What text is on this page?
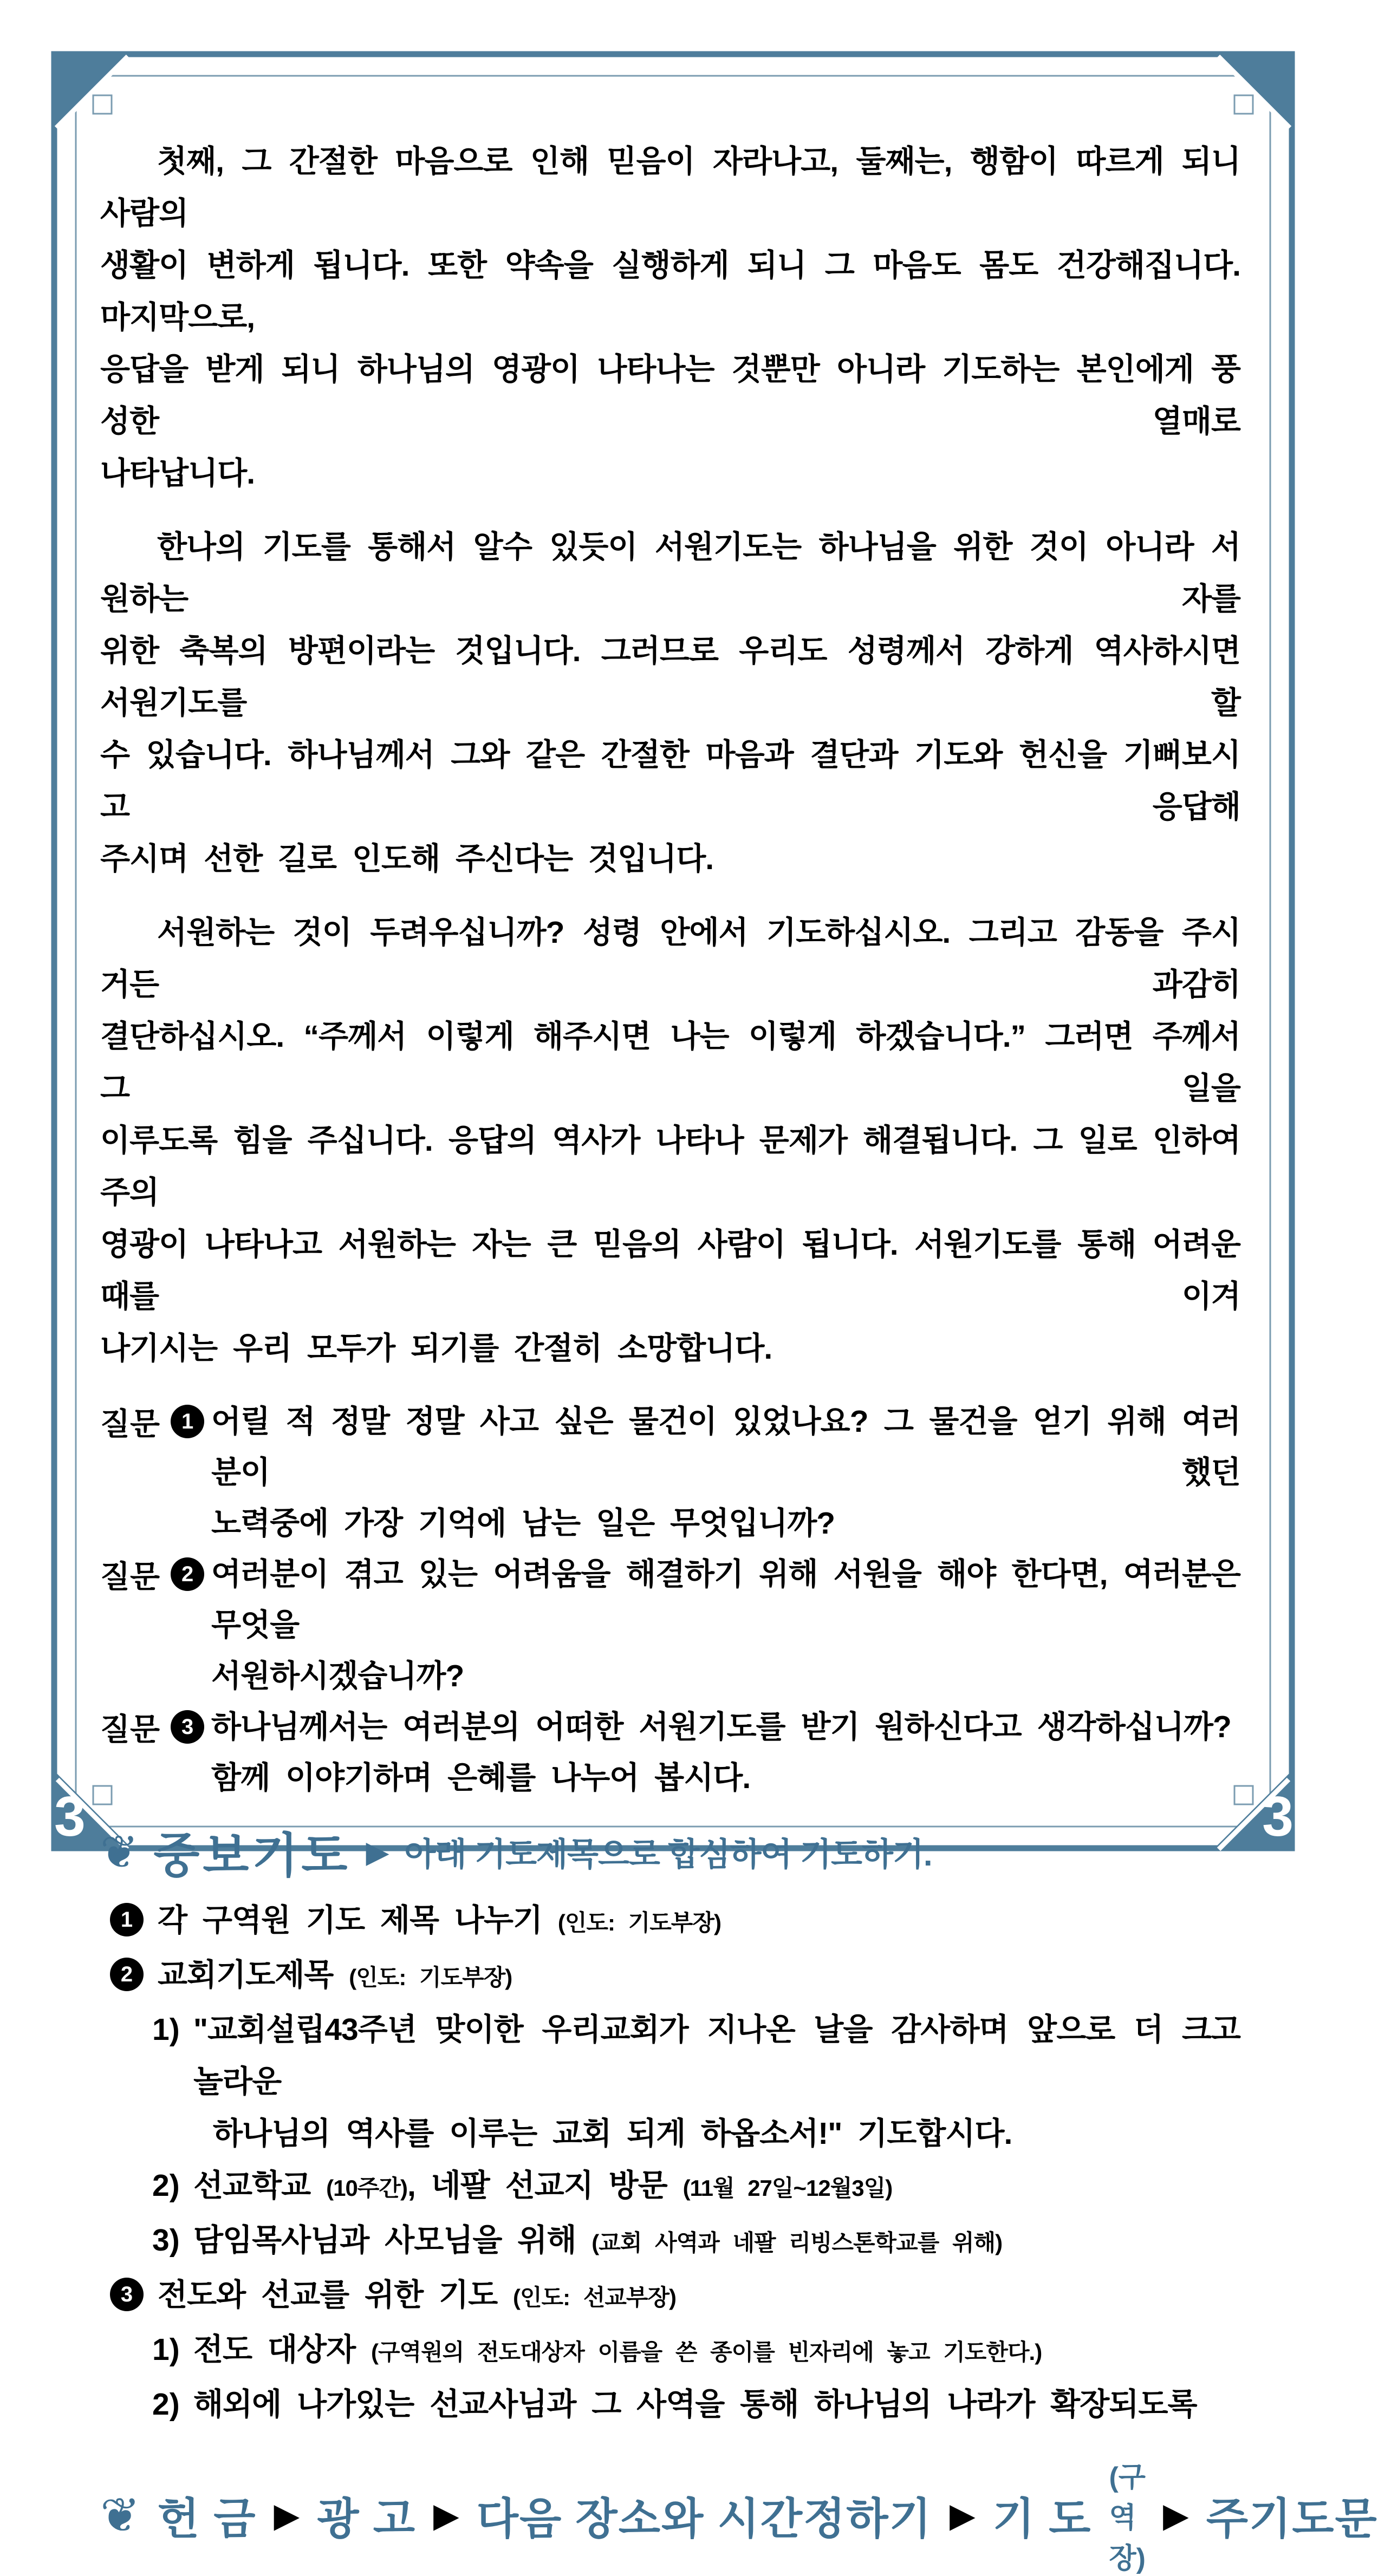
3	3
첫째, 그 간절한 마음으로 인해 믿음이 자라나고, 둘째는, 행함이 따르게 되니 사람의
생활이 변하게 됩니다. 또한 약속을 실행하게 되니 그 마음도 몸도 건강해집니다. 마지막으로,
응답을 받게 되니 하나님의 영광이 나타나는 것뿐만 아니라 기도하는 본인에게 풍성한 열매로
나타납니다.
한나의 기도를 통해서 알수 있듯이 서원기도는 하나님을 위한 것이 아니라 서원하는 자를
위한 축복의 방편이라는 것입니다. 그러므로 우리도 성령께서 강하게 역사하시면 서원기도를 할
수 있습니다. 하나님께서 그와 같은 간절한 마음과 결단과 기도와 헌신을 기뻐보시고 응답해
주시며 선한 길로 인도해 주신다는 것입니다.
서원하는 것이 두려우십니까? 성령 안에서 기도하십시오. 그리고 감동을 주시거든 과감히
결단하십시오. “주께서 이렇게 해주시면 나는 이렇게 하겠습니다.” 그러면 주께서 그 일을
이루도록 힘을 주십니다. 응답의 역사가 나타나 문제가 해결됩니다. 그 일로 인하여 주의
영광이 나타나고 서원하는 자는 큰 믿음의 사람이 됩니다. 서원기도를 통해 어려운 때를 이겨
나기시는 우리 모두가 되기를 간절히 소망합니다.
질문 1 어릴 적 정말 정말 사고 싶은 물건이 있었나요? 그 물건을 얻기 위해 여러분이 했던
노력중에 가장 기억에 남는 일은 무엇입니까?
질문 2 여러분이 겪고 있는 어려움을 해결하기 위해 서원을 해야 한다면, 여러분은 무엇을
서원하시겠습니까?
질문 3 하나님께서는 여러분의 어떠한 서원기도를 받기 원하신다고 생각하십니까?
함께 이야기하며 은혜를 나누어 봅시다.
❦ 중보기도 ▶ 아래 기도제목으로 합심하여 기도하기.
1 각 구역원 기도 제목 나누기 (인도: 기도부장)
2 교회기도제목 (인도: 기도부장)
1) "교회설립43주년 맞이한 우리교회가 지나온 날을 감사하며 앞으로 더 크고 놀라운
하나님의 역사를 이루는 교회 되게 하옵소서!" 기도합시다.
2) 선교학교 (10주간), 네팔 선교지 방문 (11월 27일~12월3일)
3) 담임목사님과 사모님을 위해 (교회 사역과 네팔 리빙스톤학교를 위해)
3 전도와 선교를 위한 기도 (인도: 선교부장)
1) 전도 대상자 (구역원의 전도대상자 이름을 쓴 종이를 빈자리에 놓고 기도한다.)
2) 해외에 나가있는 선교사님과 그 사역을 통해 하나님의 나라가 확장되도록
❦ 헌 금 ▶ 광 고 ▶ 다음 장소와 시간정하기 ▶ 기 도
(구역장)
▶ 주기도문
